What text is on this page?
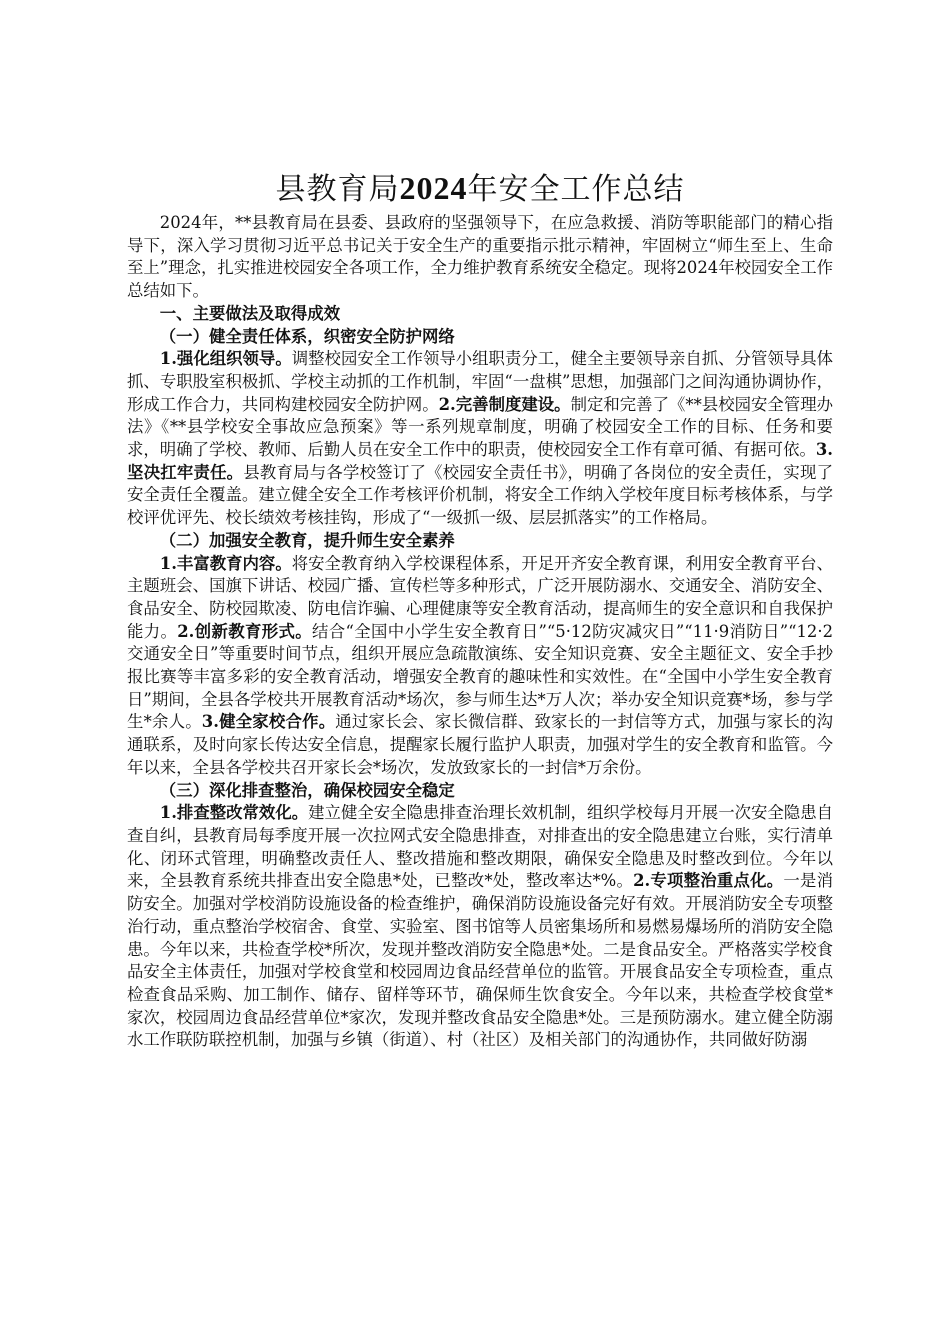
县教育局2024年安全工作总结

2024年，**县教育局在县委、县政府的坚强领导下，在应急救援、消防等职能部门的精心指导下，深入学习贯彻习近平总书记关于安全生产的重要指示批示精神，牢固树立“师生至上、生命至上”理念，扎实推进校园安全各项工作，全力维护教育系统安全稳定。现将2024年校园安全工作总结如下。

一、主要做法及取得成效

（一）健全责任体系，织密安全防护网络

1.强化组织领导。调整校园安全工作领导小组职责分工，健全主要领导亲自抓、分管领导具体抓、专职股室积极抓、学校主动抓的工作机制，牢固“一盘棋”思想，加强部门之间沟通协调协作，形成工作合力，共同构建校园安全防护网。2.完善制度建设。制定和完善了《**县校园安全管理办法》《**县学校安全事故应急预案》等一系列规章制度，明确了校园安全工作的目标、任务和要求，明确了学校、教师、后勤人员在安全工作中的职责，使校园安全工作有章可循、有据可依。3.坚决扛牢责任。县教育局与各学校签订了《校园安全责任书》，明确了各岗位的安全责任，实现了安全责任全覆盖。建立健全安全工作考核评价机制，将安全工作纳入学校年度目标考核体系，与学校评优评先、校长绩效考核挂钩，形成了“一级抓一级、层层抓落实”的工作格局。

（二）加强安全教育，提升师生安全素养

1.丰富教育内容。将安全教育纳入学校课程体系，开足开齐安全教育课，利用安全教育平台、主题班会、国旗下讲话、校园广播、宣传栏等多种形式，广泛开展防溺水、交通安全、消防安全、食品安全、防校园欺凌、防电信诈骗、心理健康等安全教育活动，提高师生的安全意识和自我保护能力。2.创新教育形式。结合“全国中小学生安全教育日”“5·12防灾减灾日”“11·9消防日”“12·2交通安全日”等重要时间节点，组织开展应急疏散演练、安全知识竞赛、安全主题征文、安全手抄报比赛等丰富多彩的安全教育活动，增强安全教育的趣味性和实效性。在“全国中小学生安全教育日”期间，全县各学校共开展教育活动*场次，参与师生达*万人次；举办安全知识竞赛*场，参与学生*余人。3.健全家校合作。通过家长会、家长微信群、致家长的一封信等方式，加强与家长的沟通联系，及时向家长传达安全信息，提醒家长履行监护人职责，加强对学生的安全教育和监管。今年以来，全县各学校共召开家长会*场次，发放致家长的一封信*万余份。

（三）深化排查整治，确保校园安全稳定

1.排查整改常效化。建立健全安全隐患排查治理长效机制，组织学校每月开展一次安全隐患自查自纠，县教育局每季度开展一次拉网式安全隐患排查，对排查出的安全隐患建立台账，实行清单化、闭环式管理，明确整改责任人、整改措施和整改期限，确保安全隐患及时整改到位。今年以来，全县教育系统共排查出安全隐患*处，已整改*处，整改率达*%。2.专项整治重点化。一是消防安全。加强对学校消防设施设备的检查维护，确保消防设施设备完好有效。开展消防安全专项整治行动，重点整治学校宿舍、食堂、实验室、图书馆等人员密集场所和易燃易爆场所的消防安全隐患。今年以来，共检查学校*所次，发现并整改消防安全隐患*处。二是食品安全。严格落实学校食品安全主体责任，加强对学校食堂和校园周边食品经营单位的监管。开展食品安全专项检查，重点检查食品采购、加工制作、储存、留样等环节，确保师生饮食安全。今年以来，共检查学校食堂*家次，校园周边食品经营单位*家次，发现并整改食品安全隐患*处。三是预防溺水。建立健全防溺水工作联防联控机制，加强与乡镇（街道）、村（社区）及相关部门的沟通协作，共同做好防溺
